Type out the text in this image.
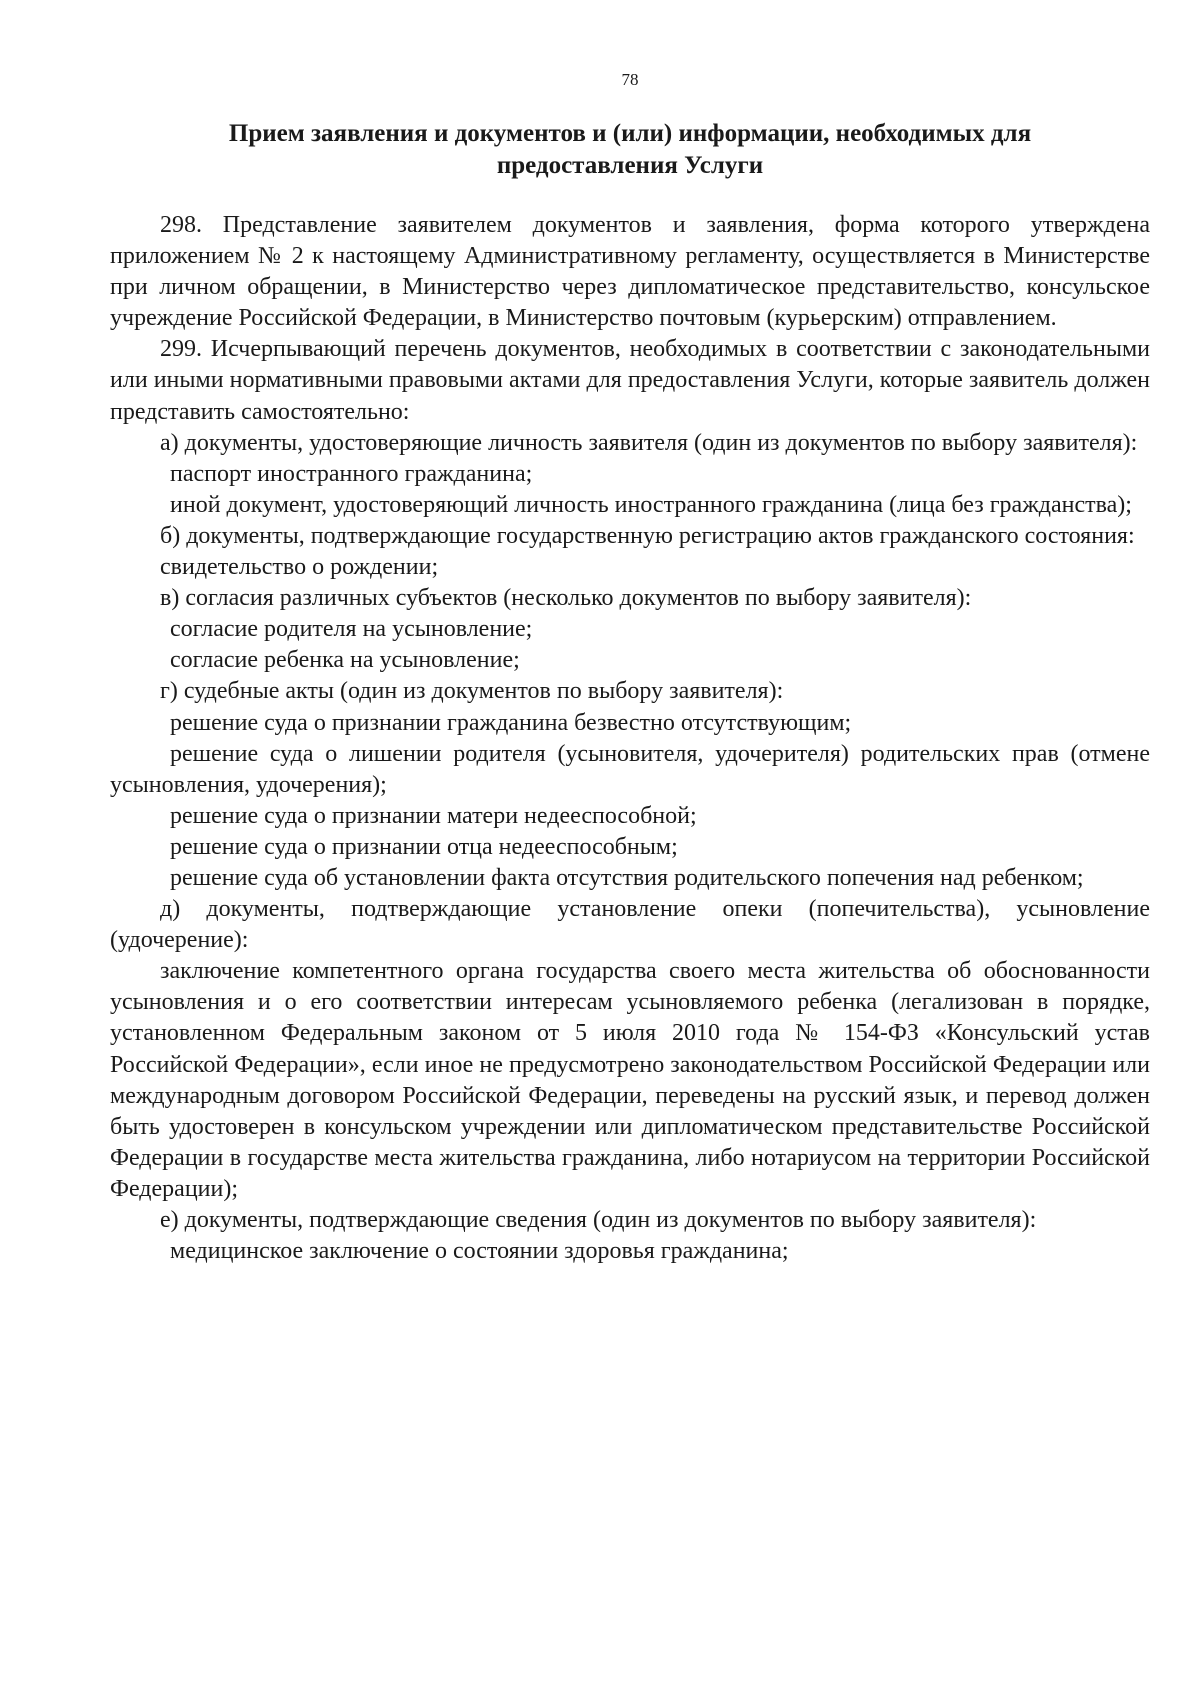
78
Прием заявления и документов и (или) информации, необходимых для
предоставления Услуги

298. Представление заявителем документов и заявления, форма которого утверждена приложением № 2 к настоящему Административному регламенту, осуществляется в Министерстве при личном обращении, в Министерство через дипломатическое представительство, консульское учреждение Российской Федерации, в Министерство почтовым (курьерским) отправлением.

299. Исчерпывающий перечень документов, необходимых в соответствии с законодательными или иными нормативными правовыми актами для предоставления Услуги, которые заявитель должен представить самостоятельно:

а) документы, удостоверяющие личность заявителя (один из документов по выбору заявителя):

паспорт иностранного гражданина;

иной документ, удостоверяющий личность иностранного гражданина (лица без гражданства);

б) документы, подтверждающие государственную регистрацию актов гражданского состояния:

свидетельство о рождении;

в) согласия различных субъектов (несколько документов по выбору заявителя):

согласие родителя на усыновление;

согласие ребенка на усыновление;

г) судебные акты (один из документов по выбору заявителя):

решение суда о признании гражданина безвестно отсутствующим;

решение суда о лишении родителя (усыновителя, удочерителя) родительских прав (отмене усыновления, удочерения);

решение суда о признании матери недееспособной;

решение суда о признании отца недееспособным;

решение суда об установлении факта отсутствия родительского попечения над ребенком;

д) документы, подтверждающие установление опеки (попечительства), усыновление (удочерение):

заключение компетентного органа государства своего места жительства об обоснованности усыновления и о его соответствии интересам усыновляемого ребенка (легализован в порядке, установленном Федеральным законом от 5 июля 2010 года № 154-ФЗ «Консульский устав Российской Федерации», если иное не предусмотрено законодательством Российской Федерации или международным договором Российской Федерации, переведены на русский язык, и перевод должен быть удостоверен в консульском учреждении или дипломатическом представительстве Российской Федерации в государстве места жительства гражданина, либо нотариусом на территории Российской Федерации);

е) документы, подтверждающие сведения (один из документов по выбору заявителя):

медицинское заключение о состоянии здоровья гражданина;
